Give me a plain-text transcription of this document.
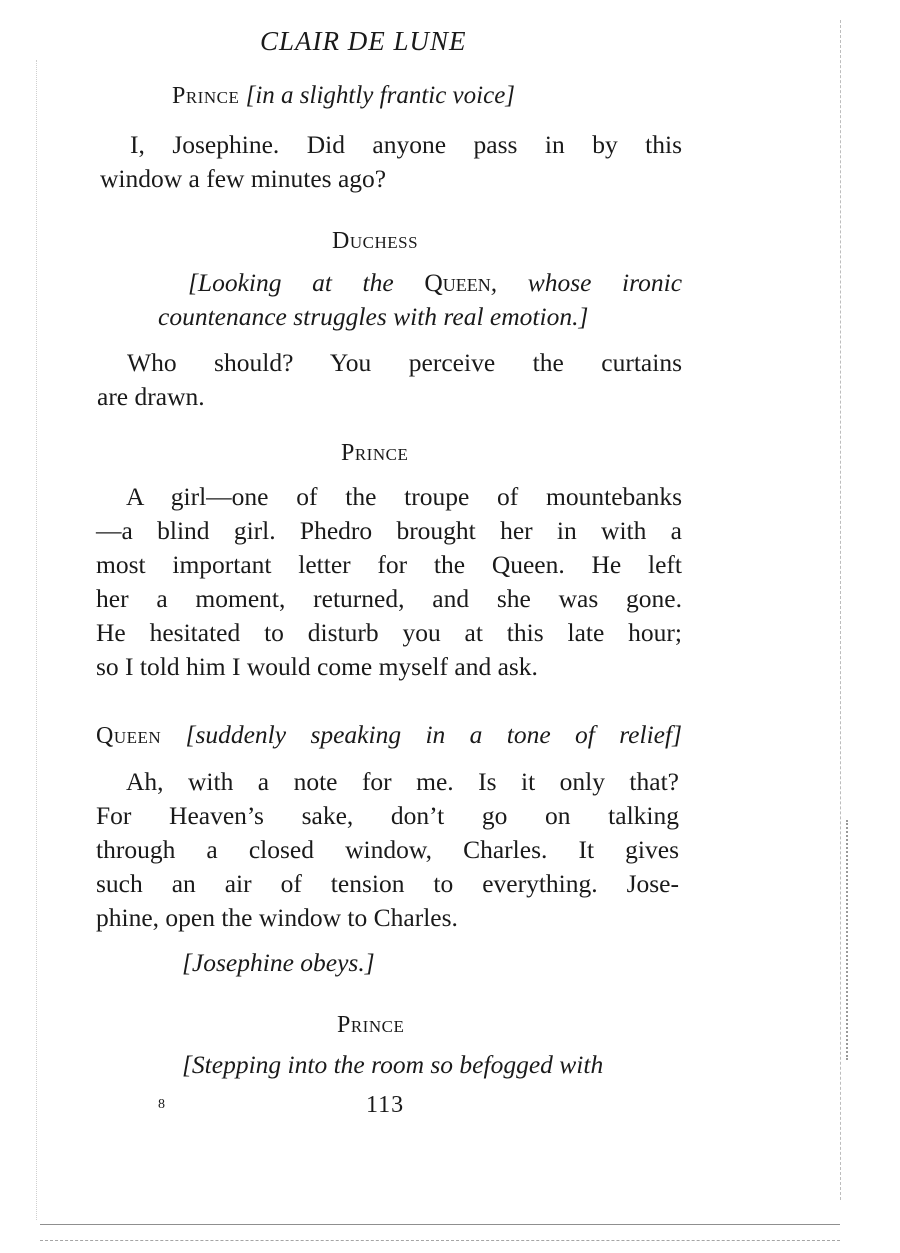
CLAIR DE LUNE
Prince [in a slightly frantic voice]

I, Josephine. Did anyone pass in by this

window a few minutes ago?

Duchess
[Looking at the Queen, whose ironic
countenance struggles with real emotion.]

Who should? You perceive the curtains

are drawn.

Prince

A girl—one of the troupe of mountebanks

—a blind girl. Phedro brought her in with a

most important letter for the Queen. He left

her a moment, returned, and she was gone.

He hesitated to disturb you at this late hour;

so I told him I would come myself and ask.

Queen [suddenly speaking in a tone of relief]

Ah, with a note for me. Is it only that?

For Heaven’s sake, don’t go on talking

through a closed window, Charles. It gives

such an air of tension to everything. Jose-

phine, open the window to Charles.

[Josephine obeys.]
Prince
[Stepping into the room so befogged with
8	113
